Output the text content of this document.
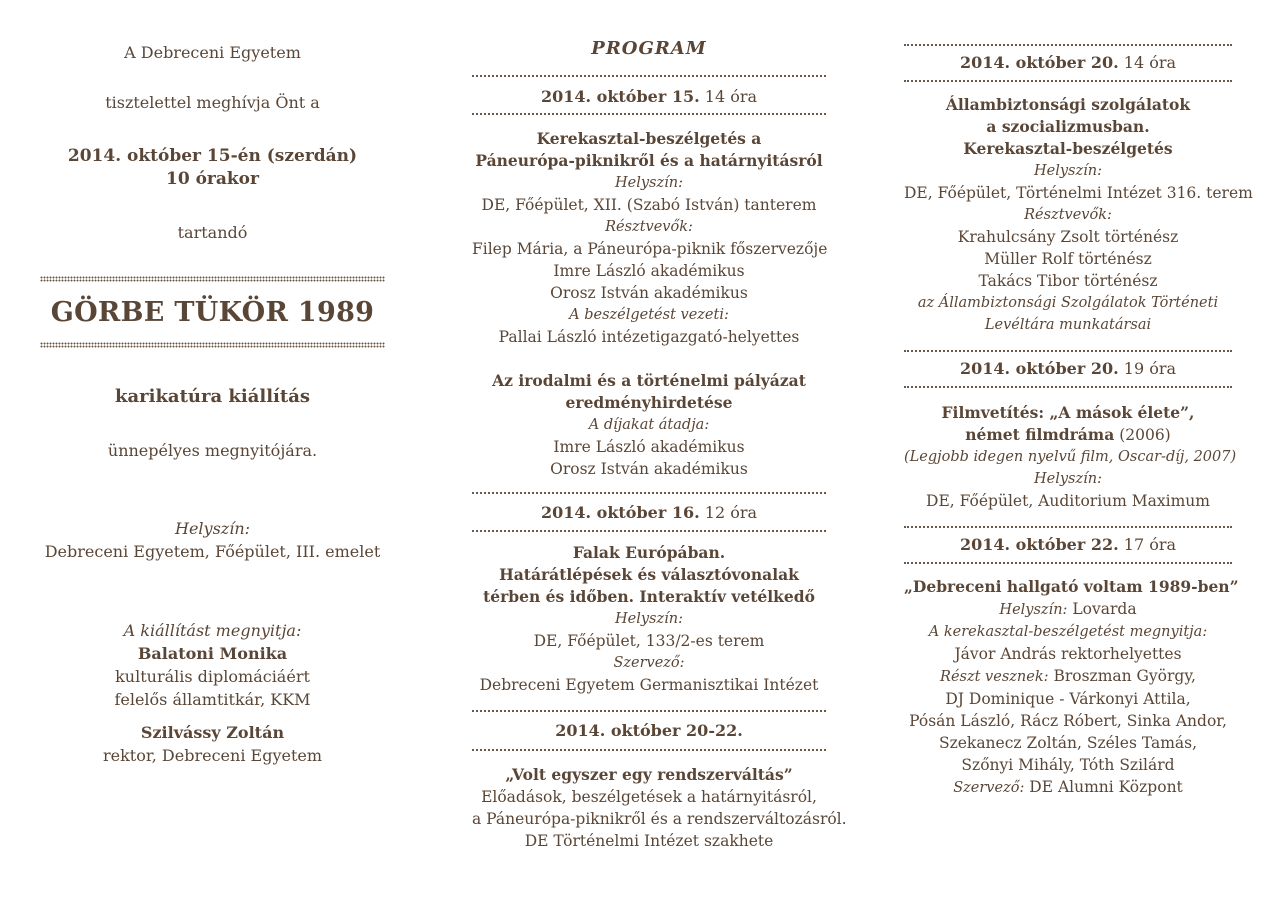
A Debreceni Egyetem

tisztelettel meghívja Önt a

2014. október 15-én (szerdán)

10 órakor

tartandó

GÖRBE TÜKÖR 1989

karikatúra kiállítás

ünnepélyes megnyitójára.

Helyszín:

Debreceni Egyetem, Főépület, III. emelet

A kiállítást megnyitja:

Balatoni Monika

kulturális diplomáciáért

felelős államtitkár, KKM

Szilvássy Zoltán

rektor, Debreceni Egyetem

PROGRAM

2014. október 15. 14 óra

Kerekasztal-beszélgetés a
Páneurópa-piknikről és a határnyitásról
Helyszín:
DE, Főépület, XII. (Szabó István) tanterem
Résztvevők:
Filep Mária, a Páneurópa-piknik főszervezője
Imre László akadémikus
Orosz István akadémikus
A beszélgetést vezeti:
Pallai László intézetigazgató-helyettes
Az irodalmi és a történelmi pályázat
eredményhirdetése
A díjakat átadja:
Imre László akadémikus
Orosz István akadémikus

2014. október 16. 12 óra

Falak Európában.
Határátlépések és választóvonalak
térben és időben. Interaktív vetélkedő
Helyszín:
DE, Főépület, 133/2-es terem
Szervező:
Debreceni Egyetem Germanisztikai Intézet

2014. október 20-22.

„Volt egyszer egy rendszerváltás”
Előadások, beszélgetések a határnyitásról,
a Páneurópa-piknikről és a rendszerváltozásról.
DE Történelmi Intézet szakhete

2014. október 20. 14 óra

Állambiztonsági szolgálatok
a szocializmusban.
Kerekasztal-beszélgetés
Helyszín:
DE, Főépület, Történelmi Intézet 316. terem
Résztvevők:
Krahulcsány Zsolt történész
Müller Rolf történész
Takács Tibor történész
az Állambiztonsági Szolgálatok Történeti
Levéltára munkatársai

2014. október 20. 19 óra

Filmvetítés: „A mások élete”,
német filmdráma (2006)
(Legjobb idegen nyelvű film, Oscar-díj, 2007)
Helyszín:
DE, Főépület, Auditorium Maximum

2014. október 22. 17 óra

„Debreceni hallgató voltam 1989-ben”
Helyszín: Lovarda
A kerekasztal-beszélgetést megnyitja:
Jávor András rektorhelyettes
Részt vesznek: Broszman György,
DJ Dominique - Várkonyi Attila,
Pósán László, Rácz Róbert, Sinka Andor,
Szekanecz Zoltán, Széles Tamás,
Szőnyi Mihály, Tóth Szilárd
Szervező: DE Alumni Központ
